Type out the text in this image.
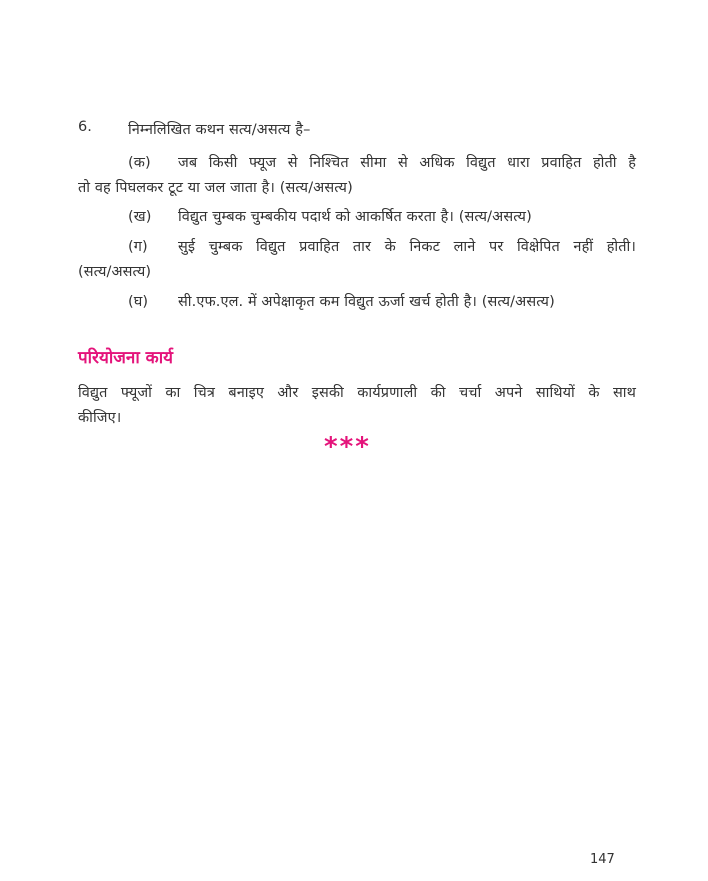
6. निम्नलिखित कथन सत्य/असत्य है–
(क) जब किसी फ्यूज से निश्चित सीमा से अधिक विद्युत धारा प्रवाहित होती है
तो वह पिघलकर टूट या जल जाता है। (सत्य/असत्य)
(ख) विद्युत चुम्बक चुम्बकीय पदार्थ को आकर्षित करता है। (सत्य/असत्य)
(ग) सुई चुम्बक विद्युत प्रवाहित तार के निकट लाने पर विक्षेपित नहीं होती।
(सत्य/असत्य)
(घ) सी.एफ.एल. में अपेक्षाकृत कम विद्युत ऊर्जा खर्च होती है। (सत्य/असत्य)
परियोजना कार्य
विद्युत फ्यूजों का चित्र बनाइए और इसकी कार्यप्रणाली की चर्चा अपने साथियों के साथ
कीजिए।
***
147
